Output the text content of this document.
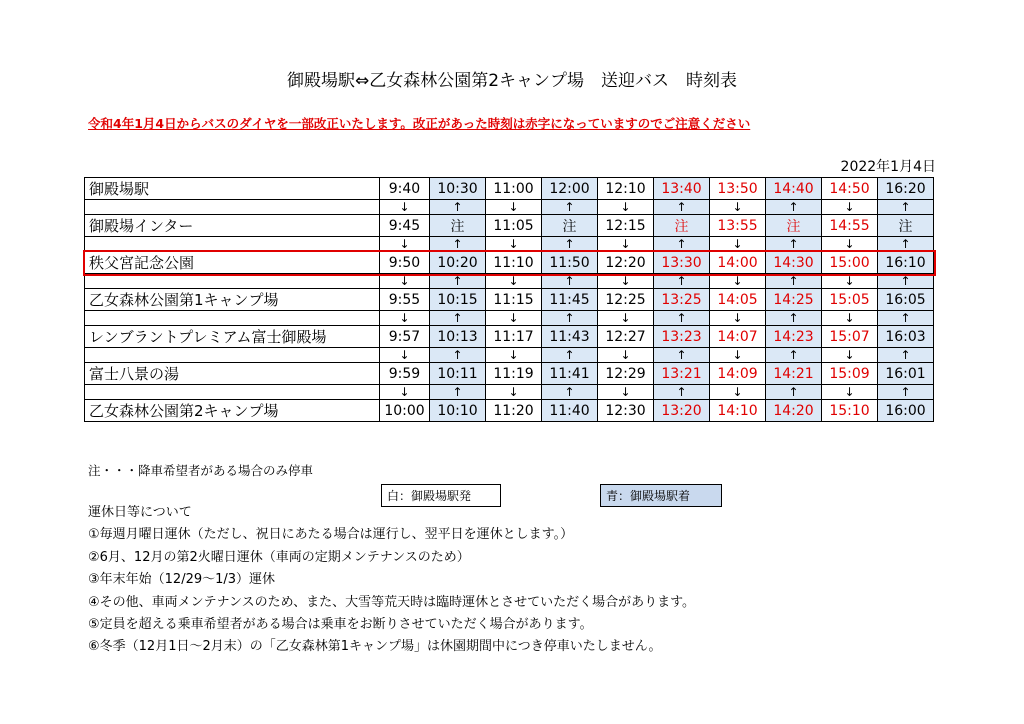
御殿場駅⇔乙女森林公園第2キャンプ場　送迎バス　時刻表
令和4年1月4日からバスのダイヤを一部改正いたします。改正があった時刻は赤字になっていますのでご注意ください
2022年1月4日
御殿場駅	9:40	10:30	11:00	12:00	12:10	13:40	13:50	14:40	14:50	16:20
	↓	↑	↓	↑	↓	↑	↓	↑	↓	↑
御殿場インター	9:45	注	11:05	注	12:15	注	13:55	注	14:55	注
	↓	↑	↓	↑	↓	↑	↓	↑	↓	↑
秩父宮記念公園	9:50	10:20	11:10	11:50	12:20	13:30	14:00	14:30	15:00	16:10
	↓	↑	↓	↑	↓	↑	↓	↑	↓	↑
乙女森林公園第1キャンプ場	9:55	10:15	11:15	11:45	12:25	13:25	14:05	14:25	15:05	16:05
	↓	↑	↓	↑	↓	↑	↓	↑	↓	↑
レンブラントプレミアム富士御殿場	9:57	10:13	11:17	11:43	12:27	13:23	14:07	14:23	15:07	16:03
	↓	↑	↓	↑	↓	↑	↓	↑	↓	↑
富士八景の湯	9:59	10:11	11:19	11:41	12:29	13:21	14:09	14:21	15:09	16:01
	↓	↑	↓	↑	↓	↑	↓	↑	↓	↑
乙女森林公園第2キャンプ場	10:00	10:10	11:20	11:40	12:30	13:20	14:10	14:20	15:10	16:00
注・・・降車希望者がある場合のみ停車
白：御殿場駅発	青：御殿場駅着
運休日等について
①毎週月曜日運休（ただし、祝日にあたる場合は運行し、翌平日を運休とします。）
②6月、12月の第2火曜日運休（車両の定期メンテナンスのため）
③年末年始（12/29～1/3）運休
④その他、車両メンテナンスのため、また、大雪等荒天時は臨時運休とさせていただく場合があります。
⑤定員を超える乗車希望者がある場合は乗車をお断りさせていただく場合があります。
⑥冬季（12月1日～2月末）の「乙女森林第1キャンプ場」は休園期間中につき停車いたしません。
